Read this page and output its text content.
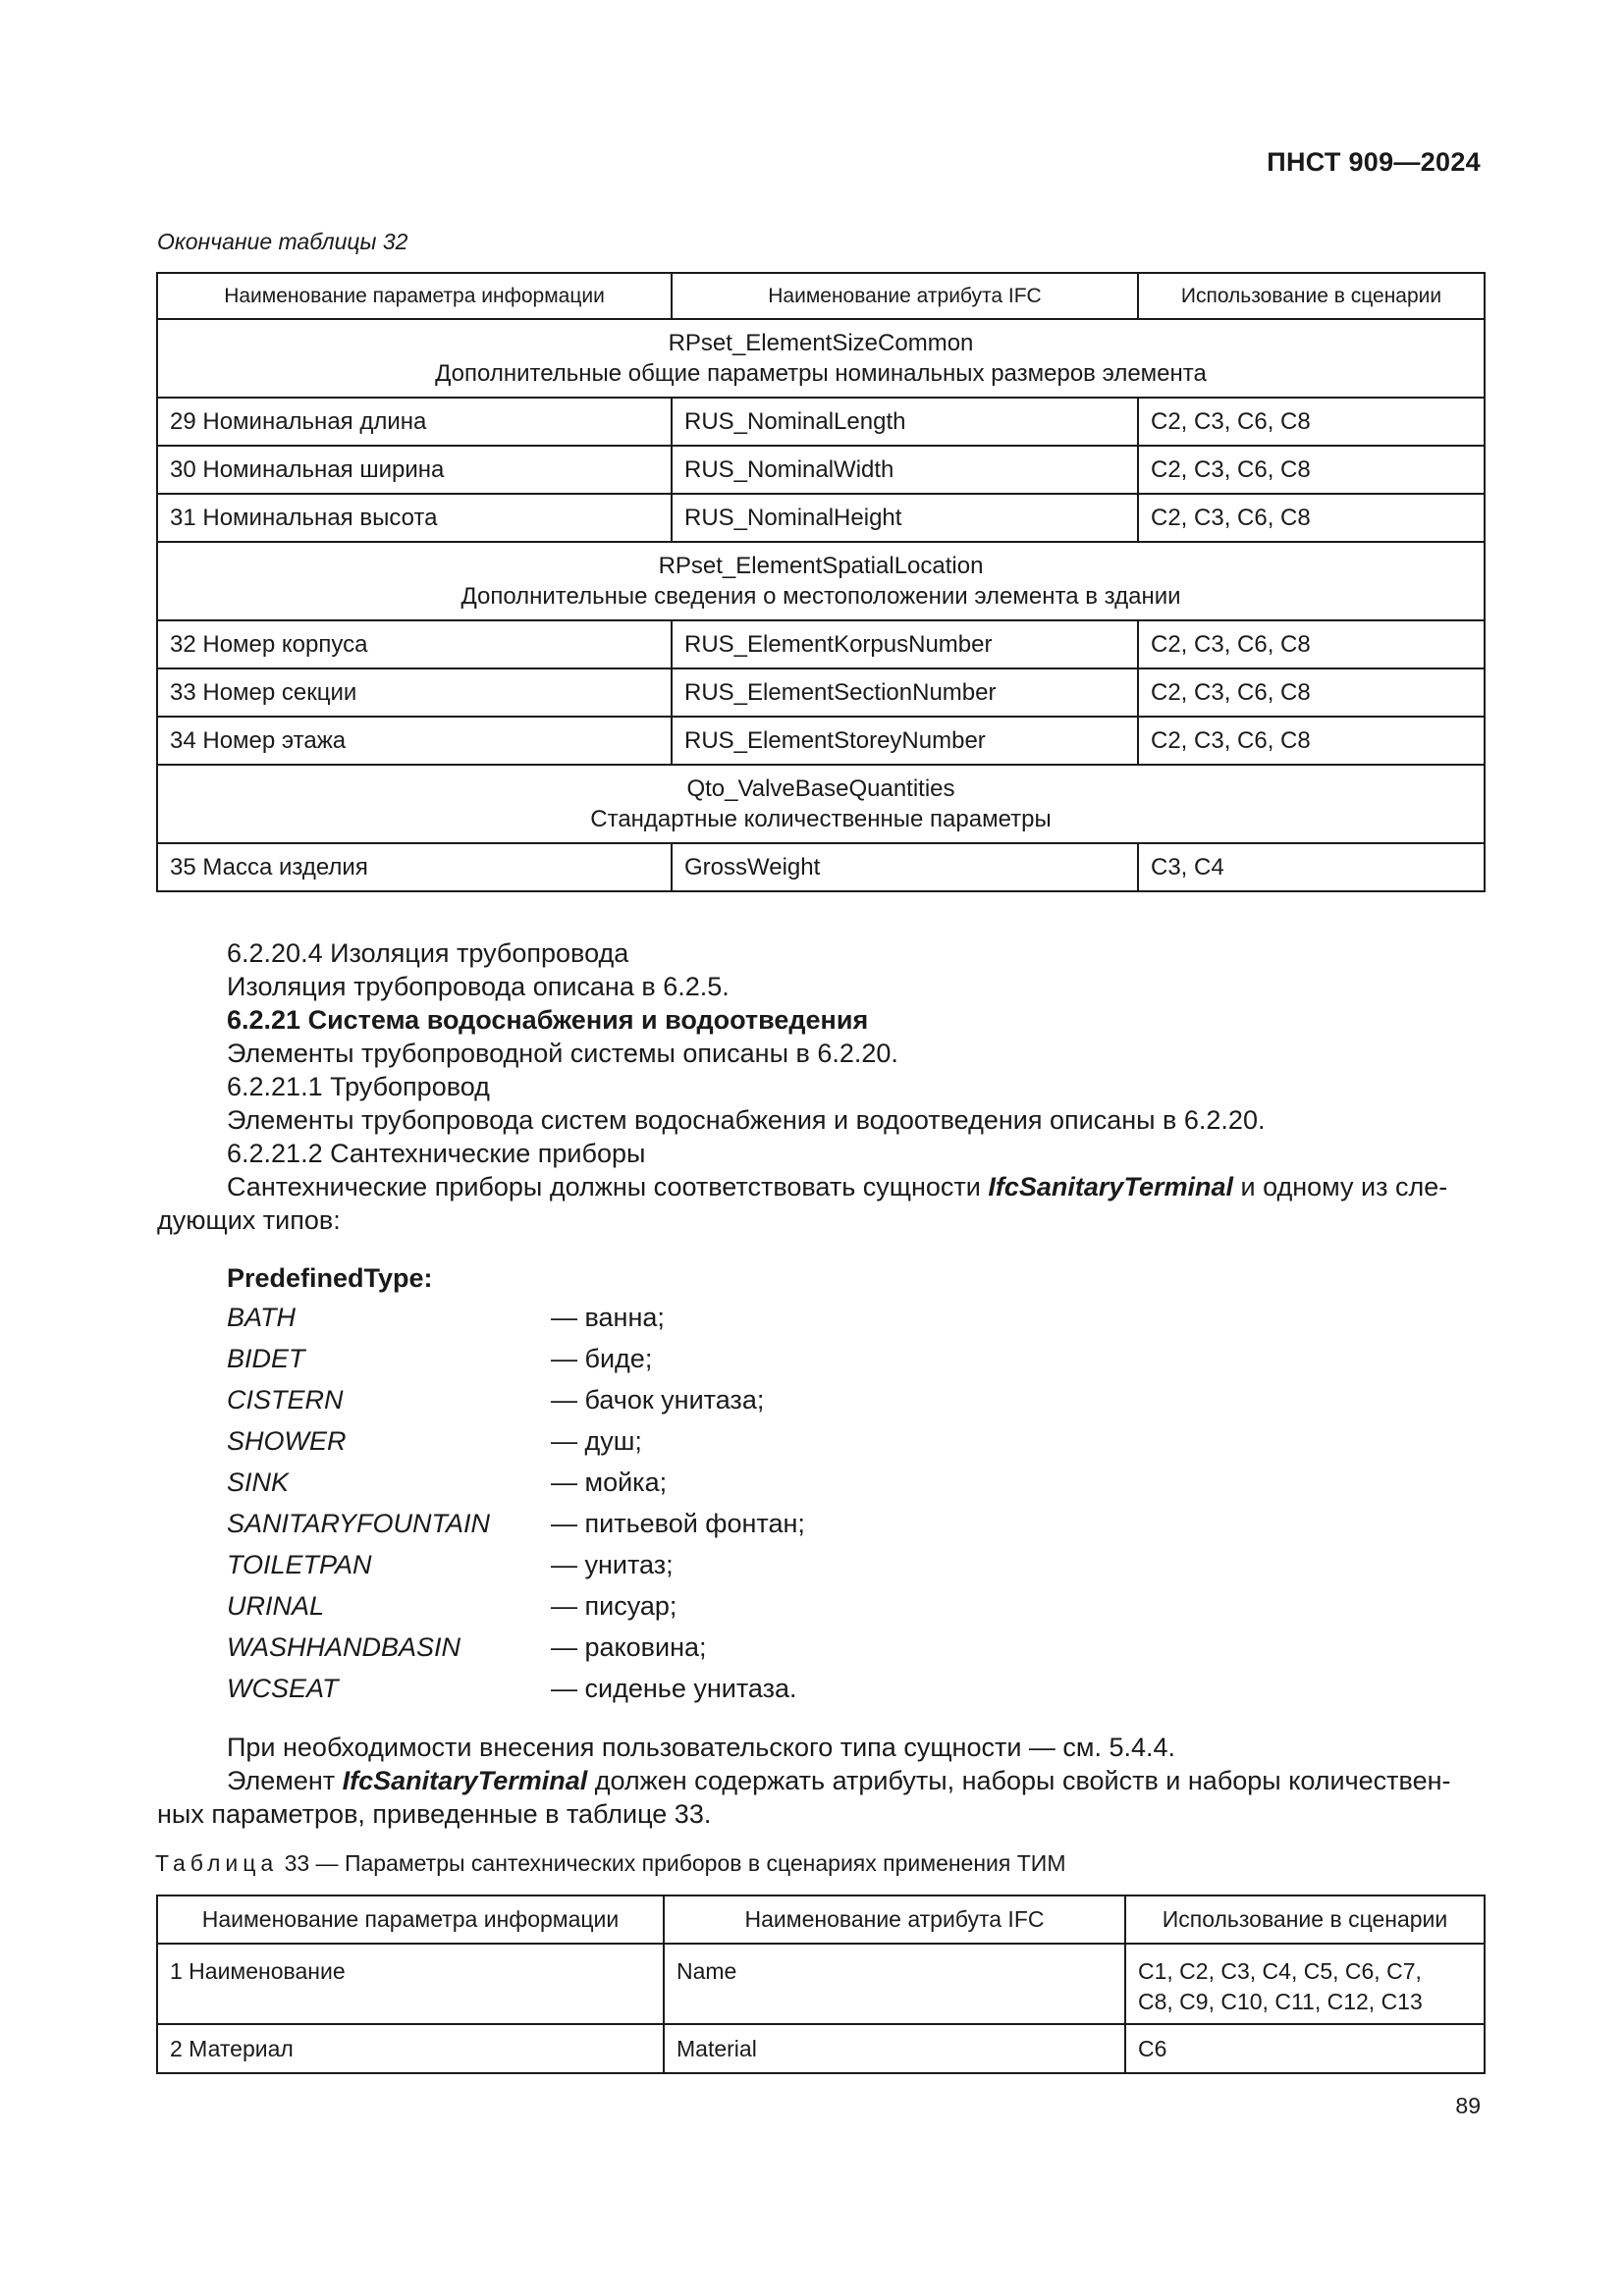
ПНСТ 909—2024
Окончание таблицы 32
Наименование параметра информации	Наименование атрибута IFC	Использование в сценарии

RPset_ElementSizeCommon
Дополнительные общие параметры номинальных размеров элемента		

29 Номинальная длина	RUS_NominalLength	C2, C3, C6, C8
30 Номинальная ширина	RUS_NominalWidth	C2, C3, C6, C8
31 Номинальная высота	RUS_NominalHeight	C2, C3, C6, C8

RPset_ElementSpatialLocation
Дополнительные сведения о местоположении элемента в здании		

32 Номер корпуса	RUS_ElementKorpusNumber	C2, C3, C6, C8
33 Номер секции	RUS_ElementSectionNumber	C2, C3, C6, C8
34 Номер этажа	RUS_ElementStoreyNumber	C2, C3, C6, C8

Qto_ValveBaseQuantities
Стандартные количественные параметры		

35 Масса изделия	GrossWeight	C3, C4
6.2.20.4 Изоляция трубопровода
Изоляция трубопровода описана в 6.2.5.
6.2.21 Система водоснабжения и водоотведения
Элементы трубопроводной системы описаны в 6.2.20.
6.2.21.1 Трубопровод
Элементы трубопровода систем водоснабжения и водоотведения описаны в 6.2.20.
6.2.21.2 Сантехнические приборы
Сантехнические приборы должны соответствовать сущности IfcSanitaryTerminal и одному из сле-
дующих типов:
PredefinedType:
BATH	— ванна;
BIDET	— биде;
CISTERN	— бачок унитаза;
SHOWER	— душ;
SINK	— мойка;
SANITARYFOUNTAIN — питьевой фонтан;
TOILETPAN	— унитаз;
URINAL	— писуар;
WASHHANDBASIN	— раковина;
WCSEAT	— сиденье унитаза.
При необходимости внесения пользовательского типа сущности — см. 5.4.4.
Элемент IfcSanitaryTerminal должен содержать атрибуты, наборы свойств и наборы количествен-
ных параметров, приведенные в таблице 33.
Таблица 33 — Параметры сантехнических приборов в сценариях применения ТИМ
Наименование параметра информации	Наименование атрибута IFC	Использование в сценарии
1 Наименование	Name	C1, C2, C3, C4, C5, C6, C7,
C8, C9, C10, C11, C12, C13

2 Материал	Material	C6
89
